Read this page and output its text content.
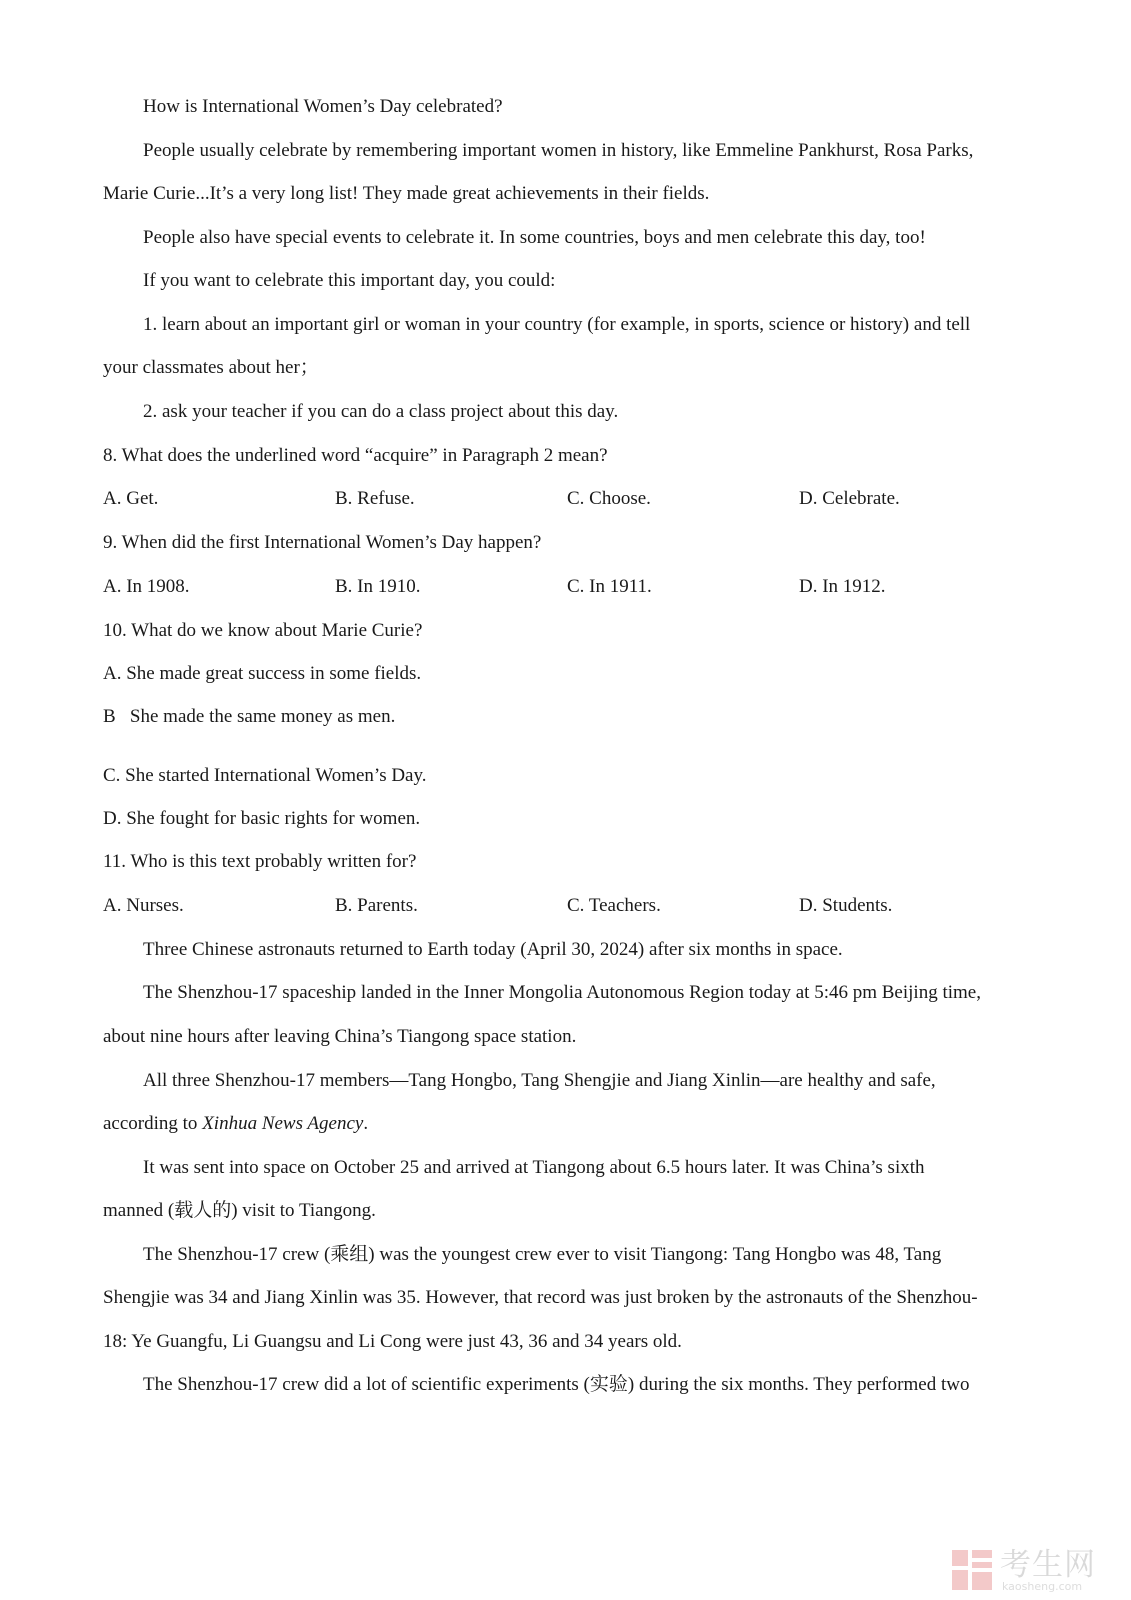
How is International Women’s Day celebrated?
People usually celebrate by remembering important women in history, like Emmeline Pankhurst, Rosa Parks,
Marie Curie...It’s a very long list! They made great achievements in their fields.
People also have special events to celebrate it. In some countries, boys and men celebrate this day, too!
If you want to celebrate this important day, you could:
1. learn about an important girl or woman in your country (for example, in sports, science or history) and tell
your classmates about her；
2. ask your teacher if you can do a class project about this day.
8. What does the underlined word “acquire” in Paragraph 2 mean?
A. Get.	B. Refuse.	C. Choose.	D. Celebrate.
9. When did the first International Women’s Day happen?
A. In 1908.	B. In 1910.	C. In 1911.	D. In 1912.
10. What do we know about Marie Curie?
A. She made great success in some fields.
B   She made the same money as men.
C. She started International Women’s Day.
D. She fought for basic rights for women.
11. Who is this text probably written for?
A. Nurses.	B. Parents.	C. Teachers.	D. Students.
Three Chinese astronauts returned to Earth today (April 30, 2024) after six months in space.
The Shenzhou-17 spaceship landed in the Inner Mongolia Autonomous Region today at 5:46 pm Beijing time,
about nine hours after leaving China’s Tiangong space station.
All three Shenzhou-17 members—Tang Hongbo, Tang Shengjie and Jiang Xinlin—are healthy and safe,
according to Xinhua News Agency.
It was sent into space on October 25 and arrived at Tiangong about 6.5 hours later. It was China’s sixth
manned (载人的) visit to Tiangong.
The Shenzhou-17 crew (乘组) was the youngest crew ever to visit Tiangong: Tang Hongbo was 48, Tang
Shengjie was 34 and Jiang Xinlin was 35. However, that record was just broken by the astronauts of the Shenzhou-
18: Ye Guangfu, Li Guangsu and Li Cong were just 43, 36 and 34 years old.
The Shenzhou-17 crew did a lot of scientific experiments (实验) during the six months. They performed two
考生网
kaosheng.com
